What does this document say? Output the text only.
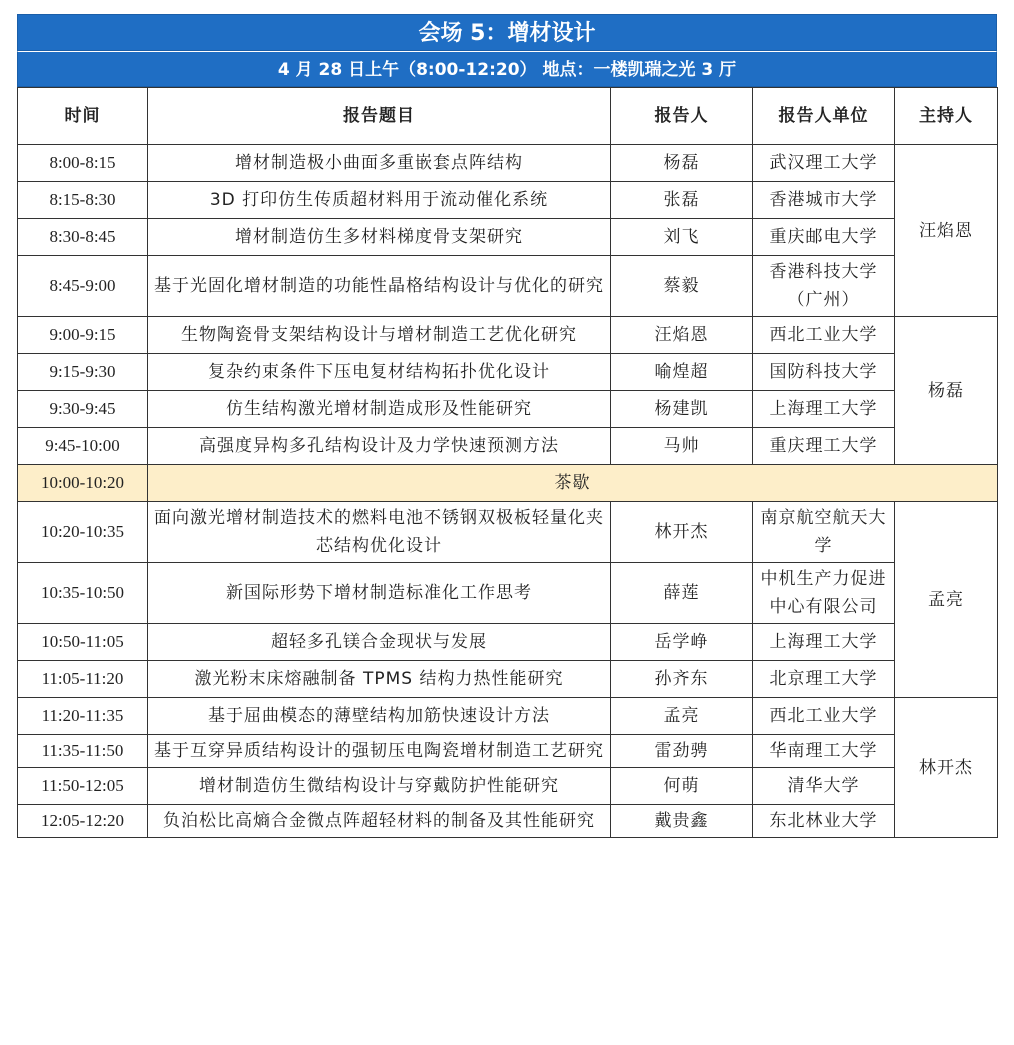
会场 5：增材设计
4 月 28 日上午（8:00-12:20） 地点：一楼凯瑞之光 3 厅
时间	报告题目	报告人	报告人单位	主持人
8:00-8:15	增材制造极小曲面多重嵌套点阵结构	杨磊	武汉理工大学	汪焰恩
8:15-8:30	3D 打印仿生传质超材料用于流动催化系统	张磊	香港城市大学	
8:30-8:45	增材制造仿生多材料梯度骨支架研究	刘飞	重庆邮电大学	
8:45-9:00	基于光固化增材制造的功能性晶格结构设计与优化的研究	蔡毅	香港科技大学（广州）	
9:00-9:15	生物陶瓷骨支架结构设计与增材制造工艺优化研究	汪焰恩	西北工业大学	杨磊
9:15-9:30	复杂约束条件下压电复材结构拓扑优化设计	喻煌超	国防科技大学	
9:30-9:45	仿生结构激光增材制造成形及性能研究	杨建凯	上海理工大学	
9:45-10:00	高强度异构多孔结构设计及力学快速预测方法	马帅	重庆理工大学	
10:00-10:20	茶歇			
10:20-10:35	面向激光增材制造技术的燃料电池不锈钢双极板轻量化夹芯结构优化设计	林开杰	南京航空航天大学	孟亮
10:35-10:50	新国际形势下增材制造标准化工作思考	薛莲	中机生产力促进中心有限公司	
10:50-11:05	超轻多孔镁合金现状与发展	岳学峥	上海理工大学	
11:05-11:20	激光粉末床熔融制备 TPMS 结构力热性能研究	孙齐东	北京理工大学	
11:20-11:35	基于屈曲模态的薄壁结构加筋快速设计方法	孟亮	西北工业大学	林开杰
11:35-11:50	基于互穿异质结构设计的强韧压电陶瓷增材制造工艺研究	雷劲骋	华南理工大学	
11:50-12:05	增材制造仿生微结构设计与穿戴防护性能研究	何萌	清华大学	
12:05-12:20	负泊松比高熵合金微点阵超轻材料的制备及其性能研究	戴贵鑫	东北林业大学	
